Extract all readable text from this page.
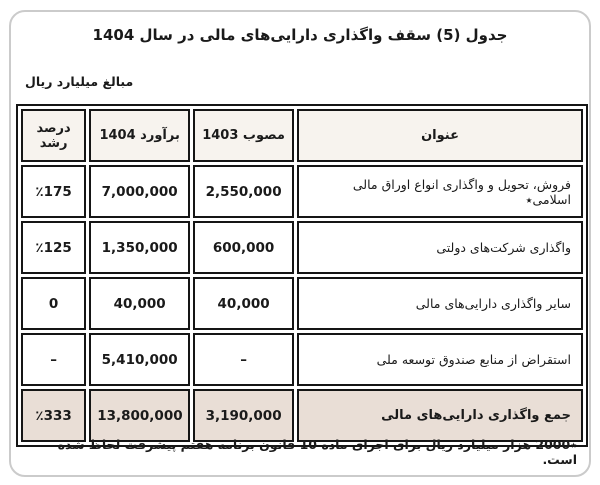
جدول (5) سقف واگذاری دارایی‌های مالی در سال 1404
مبالغ میلیارد ریال
عنوان	مصوب 1403	برآورد 1404	درصد رشد
فروش، تحویل و واگذاری انواع اوراق مالی اسلامی٭	2,550,000	7,000,000	٪175
واگذاری شرکت‌های دولتی	600,000	1,350,000	٪125
سایر واگذاری دارایی‌های مالی	40,000	40,000	0
استقراض از منابع صندوق توسعه ملی	–	5,410,000	–
جمع واگذاری دارایی‌های مالی	3,190,000	13,800,000	٪333
٭2000 هزار میلیارد ریال برای اجرای ماده 10 قانون برنامه هفتم پیشرفت لحاظ شده است.
